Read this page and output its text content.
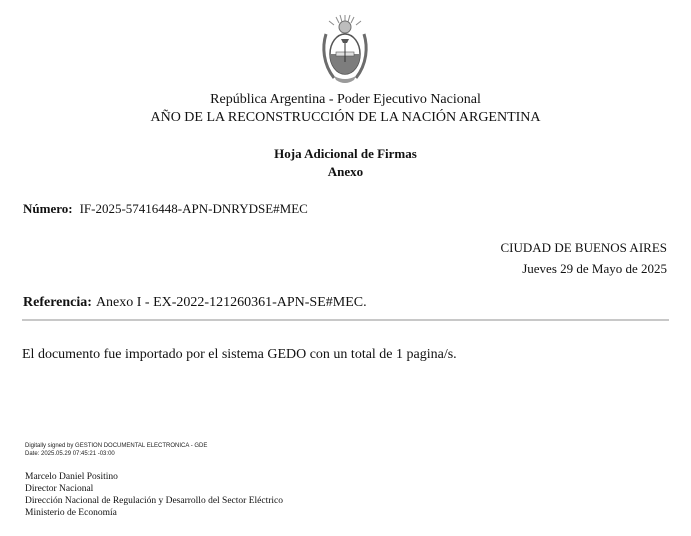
República Argentina - Poder Ejecutivo Nacional
AÑO DE LA RECONSTRUCCIÓN DE LA NACIÓN ARGENTINA
Hoja Adicional de Firmas
Anexo
Número: IF-2025-57416448-APN-DNRYDSE#MEC
CIUDAD DE BUENOS AIRES
Jueves 29 de Mayo de 2025
Referencia: Anexo I - EX-2022-121260361-APN-SE#MEC.
El documento fue importado por el sistema GEDO con un total de 1 pagina/s.
Digitally signed by GESTION DOCUMENTAL ELECTRONICA - GDE
Date: 2025.05.29 07:45:21 -03:00
Marcelo Daniel Positino
Director Nacional
Dirección Nacional de Regulación y Desarrollo del Sector Eléctrico
Ministerio de Economía
